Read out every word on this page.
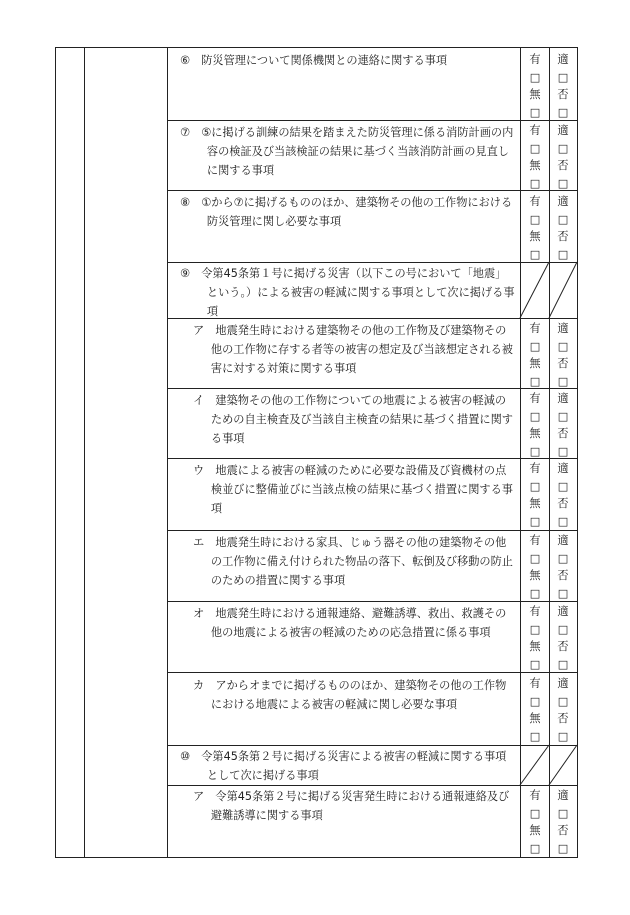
⑥　防災管理について関係機関との連絡に関する事項	有
□
無
□
適
□
否
□
⑦　⑤に掲げる訓練の結果を踏まえた防災管理に係る消防計画の内容の検証及び当該検証の結果に基づく当該消防計画の見直しに関する事項
有
□
無
□
適
□
否
□
⑧　①から⑦に掲げるもののほか、建築物その他の工作物における防災管理に関し必要な事項
有
□
無
□
適
□
否
□
⑨　令第45条第１号に掲げる災害（以下この号において「地震」という。）による被害の軽減に関する事項として次に掲げる事項
ア　地震発生時における建築物その他の工作物及び建築物その他の工作物に存する者等の被害の想定及び当該想定される被害に対する対策に関する事項
有
□
無
□
適
□
否
□
イ　建築物その他の工作物についての地震による被害の軽減のための自主検査及び当該自主検査の結果に基づく措置に関する事項
有
□
無
□
適
□
否
□
ウ　地震による被害の軽減のために必要な設備及び資機材の点検並びに整備並びに当該点検の結果に基づく措置に関する事項
有
□
無
□
適
□
否
□
エ　地震発生時における家具、じゅう器その他の建築物その他の工作物に備え付けられた物品の落下、転倒及び移動の防止のための措置に関する事項
有
□
無
□
適
□
否
□
オ　地震発生時における通報連絡、避難誘導、救出、救護その他の地震による被害の軽減のための応急措置に係る事項
有
□
無
□
適
□
否
□
カ　アからオまでに掲げるもののほか、建築物その他の工作物における地震による被害の軽減に関し必要な事項
有
□
無
□
適
□
否
□
⑩　令第45条第２号に掲げる災害による被害の軽減に関する事項として次に掲げる事項
ア　令第45条第２号に掲げる災害発生時における通報連絡及び避難誘導に関する事項
有
□
無
□
適
□
否
□
